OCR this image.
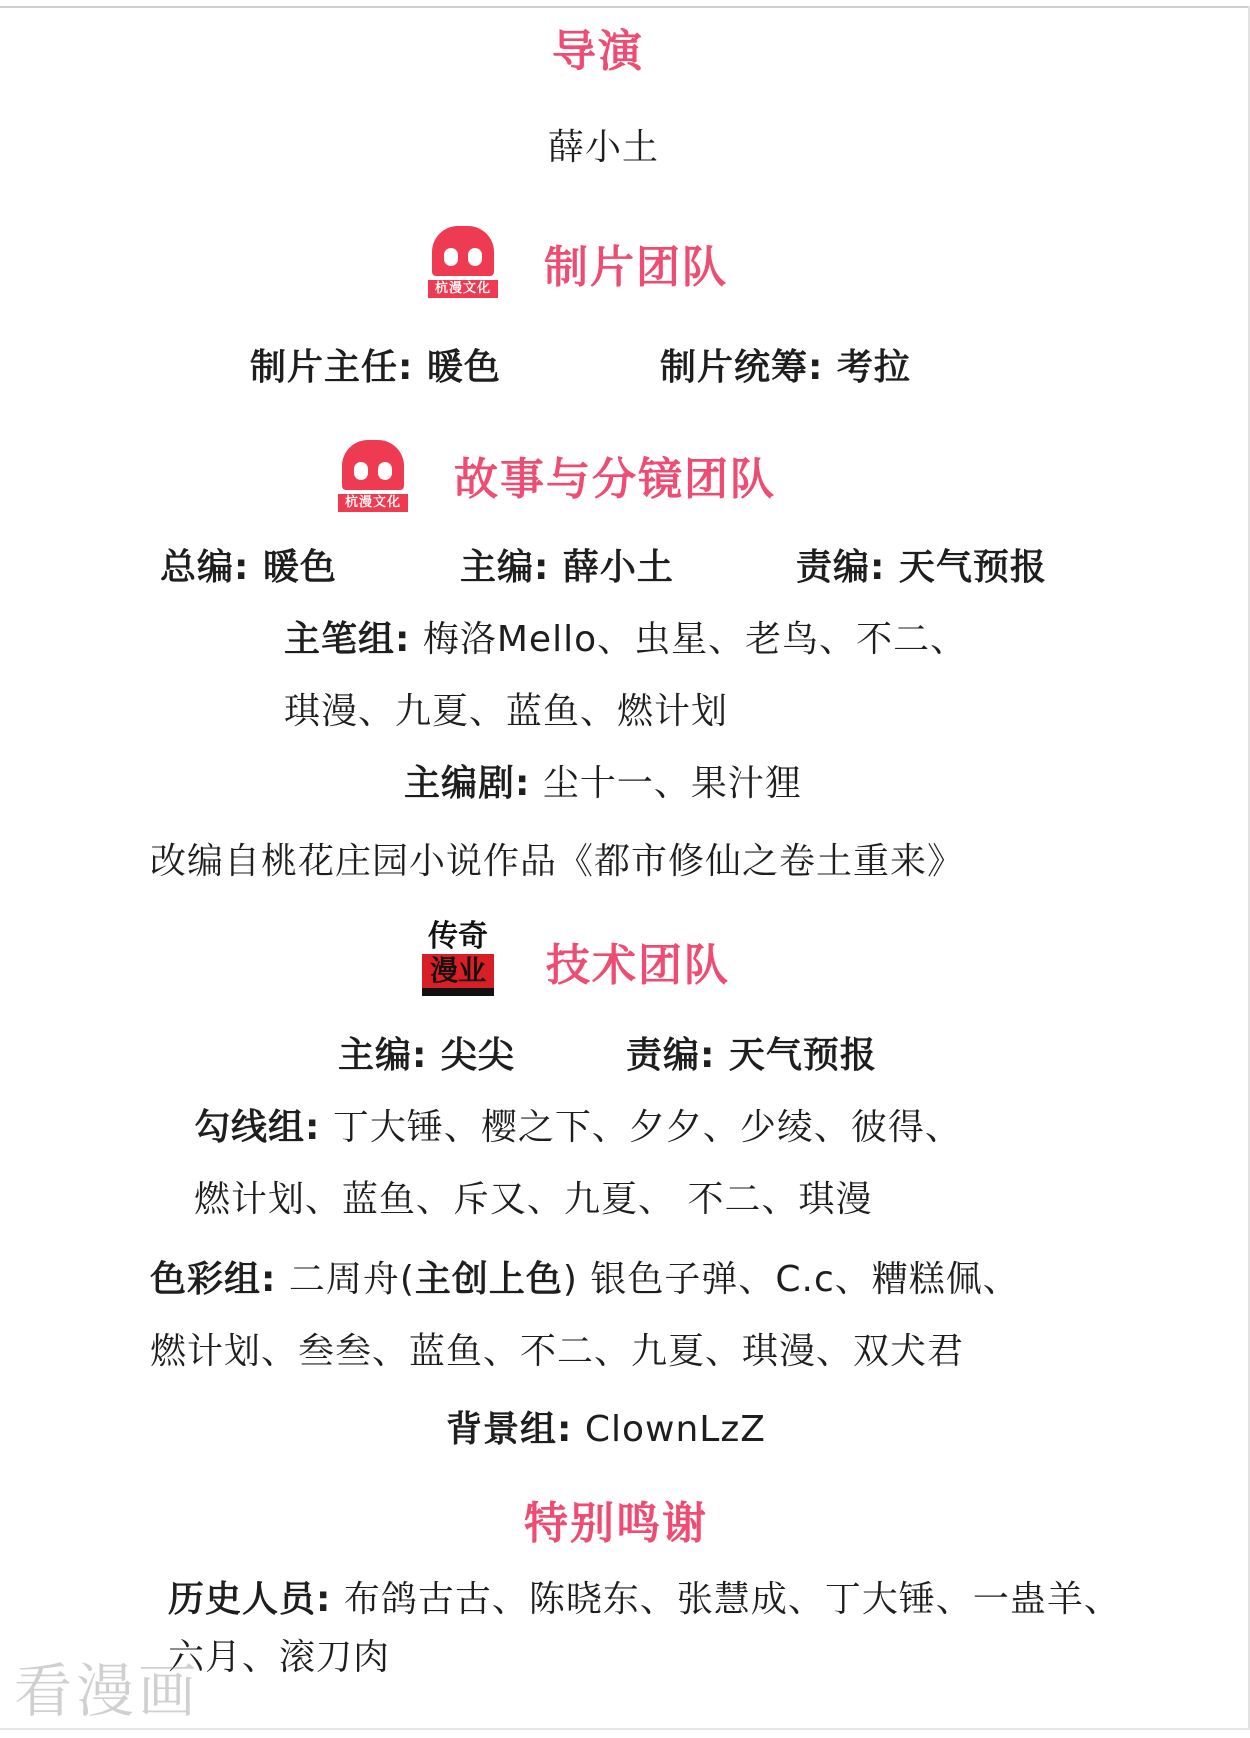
导演
薛小土
杭漫文化 制片团队
制片主任: 暖色	制片统筹: 考拉
杭漫文化 故事与分镜团队
总编: 暖色	主编: 薛小土	责编: 天气预报
主笔组: 梅洛Mello、虫星、老鸟、不二、
琪漫、九夏、蓝鱼、燃计划
主编剧: 尘十一、果汁狸
改编自桃花庄园小说作品《都市修仙之卷土重来》
传奇
漫业 技术团队
主编: 尖尖	责编: 天气预报
勾线组: 丁大锤、樱之下、夕夕、少绫、彼得、
燃计划、蓝鱼、斥又、九夏、 不二、琪漫
色彩组: 二周舟(主创上色) 银色子弹、C.c、糟糕佩、
燃计划、叁叁、蓝鱼、不二、九夏、琪漫、双犬君
背景组: ClownLzZ
特别鸣谢
历史人员: 布鸽古古、陈晓东、张慧成、丁大锤、一蛊羊、
六月、滚刀肉
看漫画
